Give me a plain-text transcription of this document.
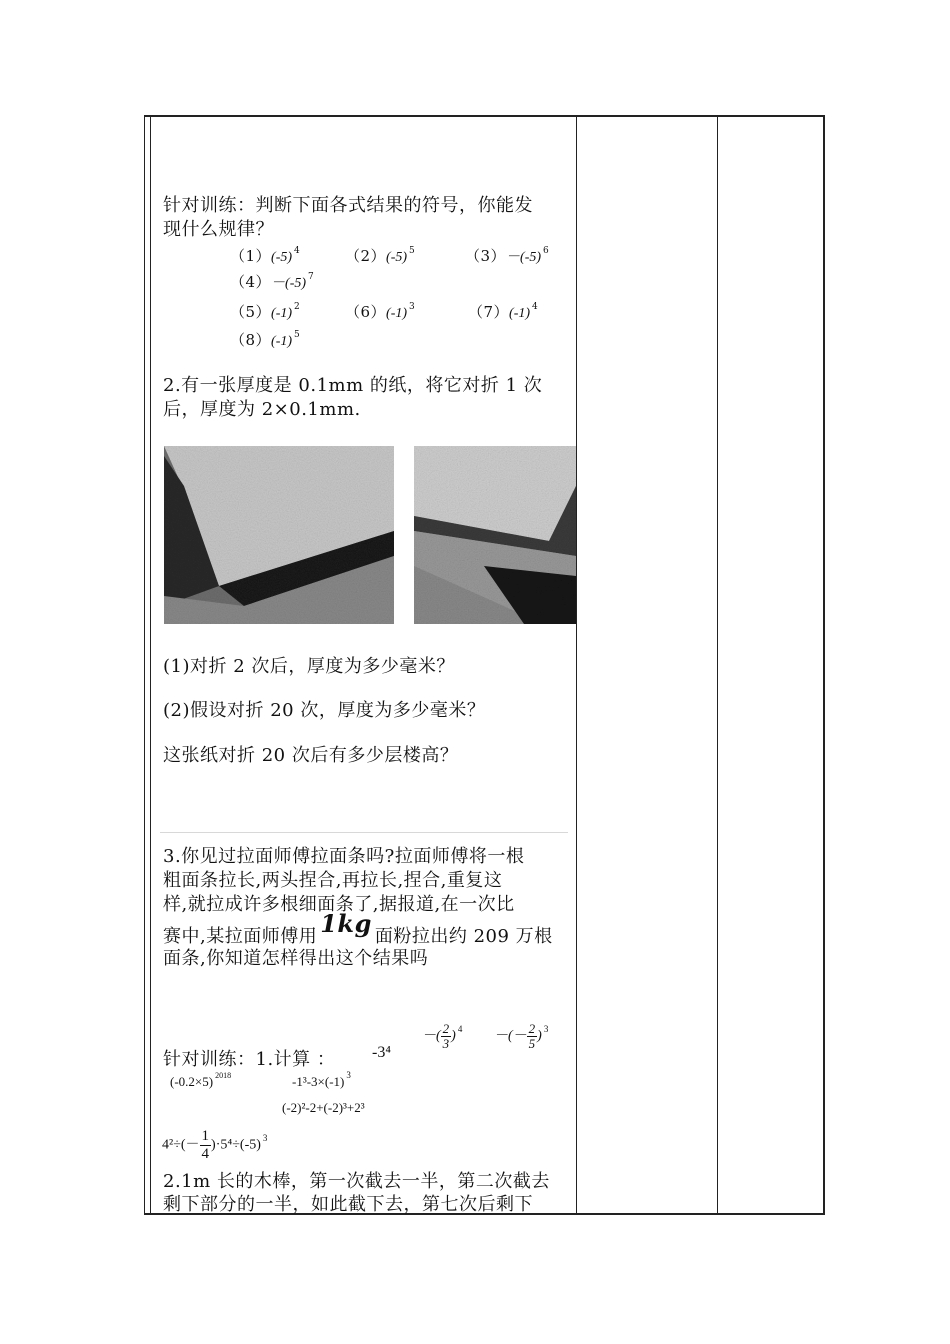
针对训练：判断下面各式结果的符号，你能发
现什么规律？
（1）(-5) $^4$	（2）(-5) $^5$	（3）－(-5) $^6$
（4）－(-5) $^7$
（5）(-1) $^2$	（6）(-1) $^3$	（7）(-1) $^4$
（8）(-1) $^5$
2.有一张厚度是 0.1mm 的纸，将它对折 1 次
后，厚度为 2×0.1mm.
(1)对折 2 次后，厚度为多少毫米？
(2)假设对折 20 次，厚度为多少毫米？
这张纸对折 20 次后有多少层楼高？
3.你见过拉面师傅拉面条吗?拉面师傅将一根
粗面条拉长,两头捏合,再拉长,捏合,重复这
样,就拉成许多根细面条了,据报道,在一次比
赛中,某拉面师傅用 1kg 面粉拉出约 209 万根
面条,你知道怎样得出这个结果吗
针对训练：1.计算 ： -3⁴
－( $\frac{2}{3}$ ) $^4$ －(－ $\frac{2}{5}$ ) $^3$
(-0.2×5) $^{2018}$	-1³-3×(-1) $^3$
(-2)²-2+(-2)³+2³
$4^2\div(- \frac{1}{4} )\cdot 5^4\div(-5)$ $^3$
2.1m 长的木棒，第一次截去一半，第二次截去
剩下部分的一半，如此截下去，第七次后剩下
